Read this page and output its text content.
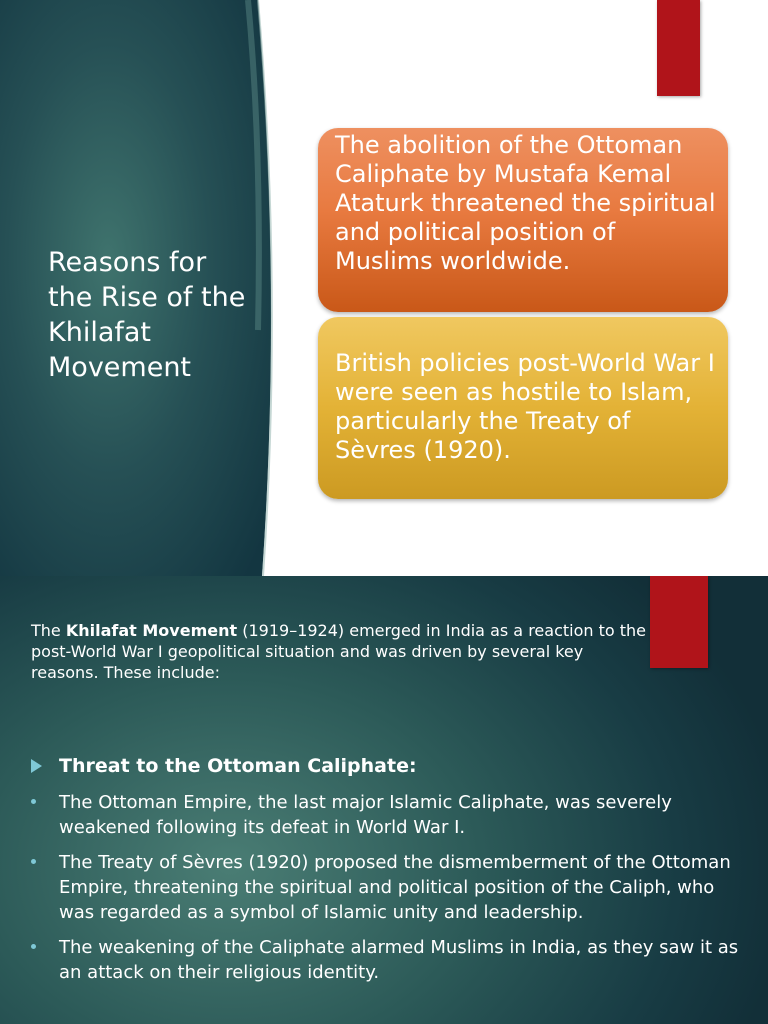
Reasons for the Rise of the Khilafat Movement
The abolition of the Ottoman Caliphate by Mustafa Kemal Ataturk threatened the spiritual and political position of Muslims worldwide.
British policies post-World War I were seen as hostile to Islam, particularly the Treaty of Sèvres (1920).

The Khilafat Movement (1919–1924) emerged in India as a reaction to the post-World War I geopolitical situation and was driven by several key reasons. These include:

Threat to the Ottoman Caliphate:
The Ottoman Empire, the last major Islamic Caliphate, was severely weakened following its defeat in World War I.
The Treaty of Sèvres (1920) proposed the dismemberment of the Ottoman Empire, threatening the spiritual and political position of the Caliph, who was regarded as a symbol of Islamic unity and leadership.
The weakening of the Caliphate alarmed Muslims in India, as they saw it as an attack on their religious identity.
